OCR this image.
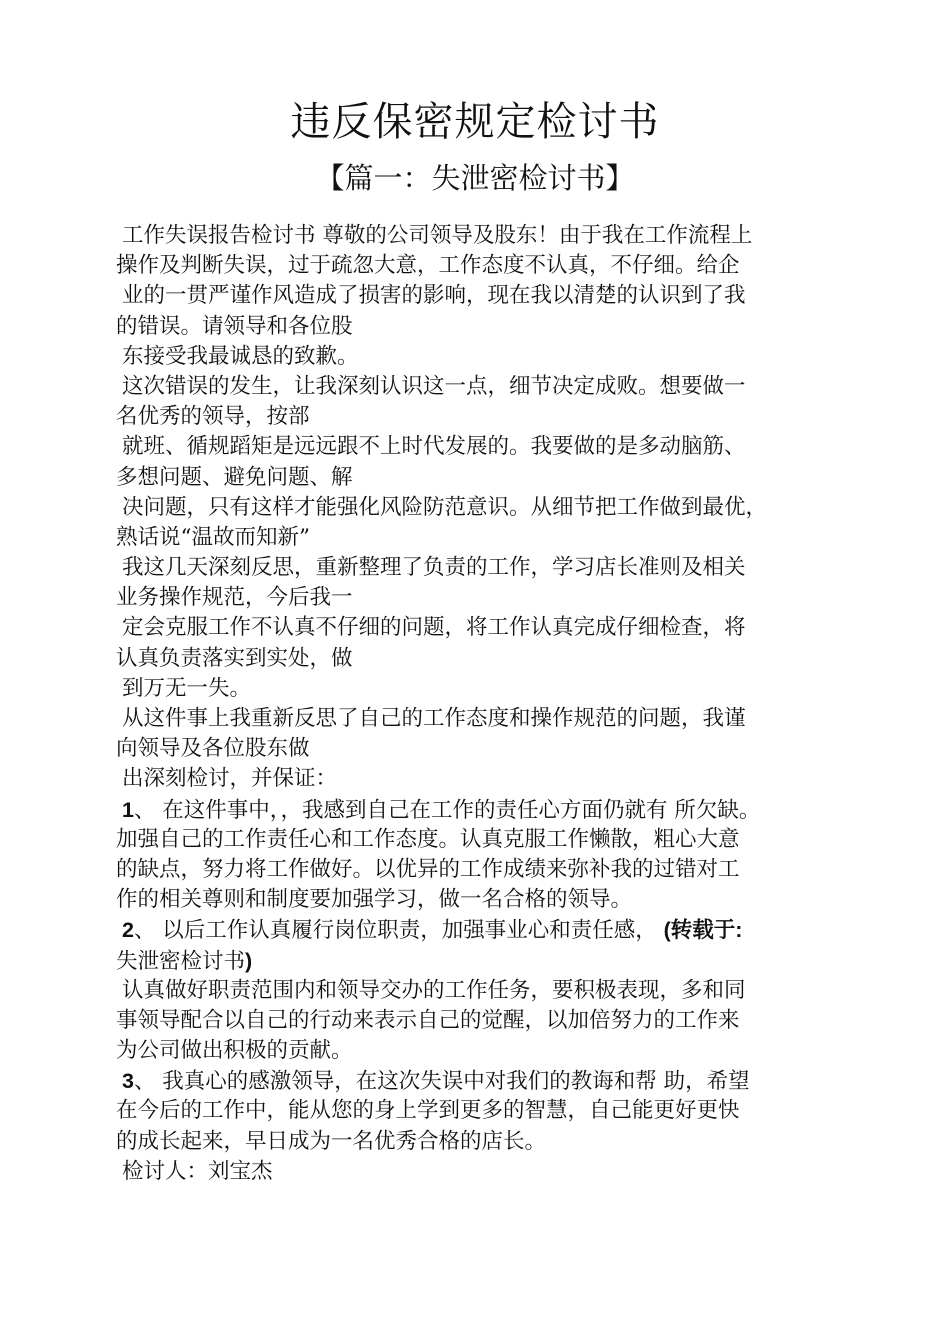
违反保密规定检讨书
【篇一：失泄密检讨书】
工作失误报告检讨书 尊敬的公司领导及股东！由于我在工作流程上
操作及判断失误，过于疏忽大意，工作态度不认真，不仔细。给企
业的一贯严谨作风造成了损害的影响，现在我以清楚的认识到了我
的错误。请领导和各位股
东接受我最诚恳的致歉。
这次错误的发生，让我深刻认识这一点，细节决定成败。想要做一
名优秀的领导，按部
就班、循规蹈矩是远远跟不上时代发展的。我要做的是多动脑筋、
多想问题、避免问题、解
决问题，只有这样才能强化风险防范意识。从细节把工作做到最优，
熟话说“温故而知新”
我这几天深刻反思，重新整理了负责的工作，学习店长准则及相关
业务操作规范，今后我一
定会克服工作不认真不仔细的问题，将工作认真完成仔细检查，将
认真负责落实到实处，做
到万无一失。
从这件事上我重新反思了自己的工作态度和操作规范的问题，我谨
向领导及各位股东做
出深刻检讨，并保证：
1、 在这件事中，，我感到自己在工作的责任心方面仍就有 所欠缺。
加强自己的工作责任心和工作态度。认真克服工作懒散，粗心大意
的缺点，努力将工作做好。以优异的工作成绩来弥补我的过错对工
作的相关尊则和制度要加强学习，做一名合格的领导。
2、 以后工作认真履行岗位职责，加强事业心和责任感， (转载于:
失泄密检讨书)
认真做好职责范围内和领导交办的工作任务，要积极表现，多和同
事领导配合以自己的行动来表示自己的觉醒，以加倍努力的工作来
为公司做出积极的贡献。
3、 我真心的感激领导，在这次失误中对我们的教诲和帮 助，希望
在今后的工作中，能从您的身上学到更多的智慧，自己能更好更快
的成长起来，早日成为一名优秀合格的店长。
检讨人：刘宝杰
